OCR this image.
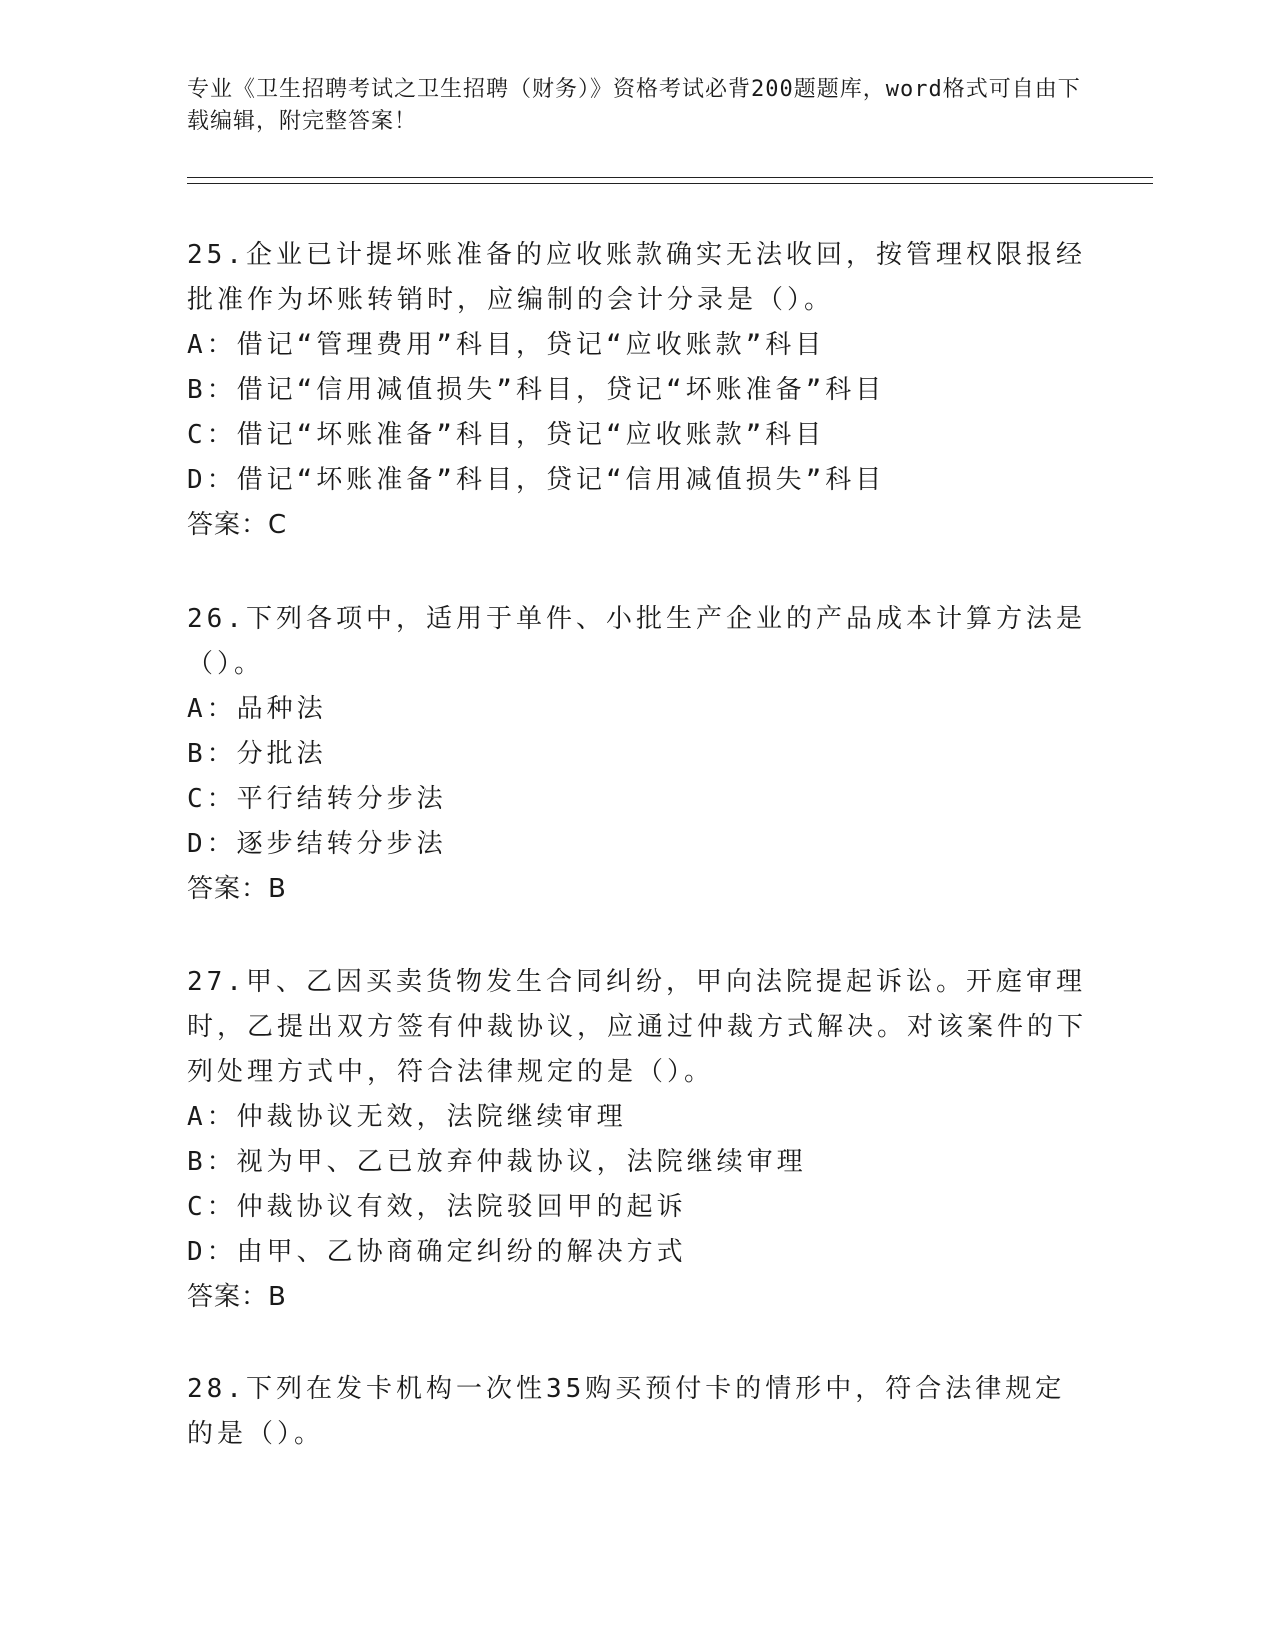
专业《卫生招聘考试之卫生招聘（财务）》资格考试必背200题题库，word格式可自由下载编辑，附完整答案！

25.企业已计提坏账准备的应收账款确实无法收回，按管理权限报经批准作为坏账转销时，应编制的会计分录是（）。

A：借记“管理费用”科目，贷记“应收账款”科目

B：借记“信用减值损失”科目，贷记“坏账准备”科目

C：借记“坏账准备”科目，贷记“应收账款”科目

D：借记“坏账准备”科目，贷记“信用减值损失”科目

答案：C

26.下列各项中，适用于单件、小批生产企业的产品成本计算方法是（）。

A：品种法

B：分批法

C：平行结转分步法

D：逐步结转分步法

答案：B

27.甲、乙因买卖货物发生合同纠纷，甲向法院提起诉讼。开庭审理时，乙提出双方签有仲裁协议，应通过仲裁方式解决。对该案件的下列处理方式中，符合法律规定的是（）。

A：仲裁协议无效，法院继续审理

B：视为甲、乙已放弃仲裁协议，法院继续审理

C：仲裁协议有效，法院驳回甲的起诉

D：由甲、乙协商确定纠纷的解决方式

答案：B

28.下列在发卡机构一次性35购买预付卡的情形中，符合法律规定的是（）。
